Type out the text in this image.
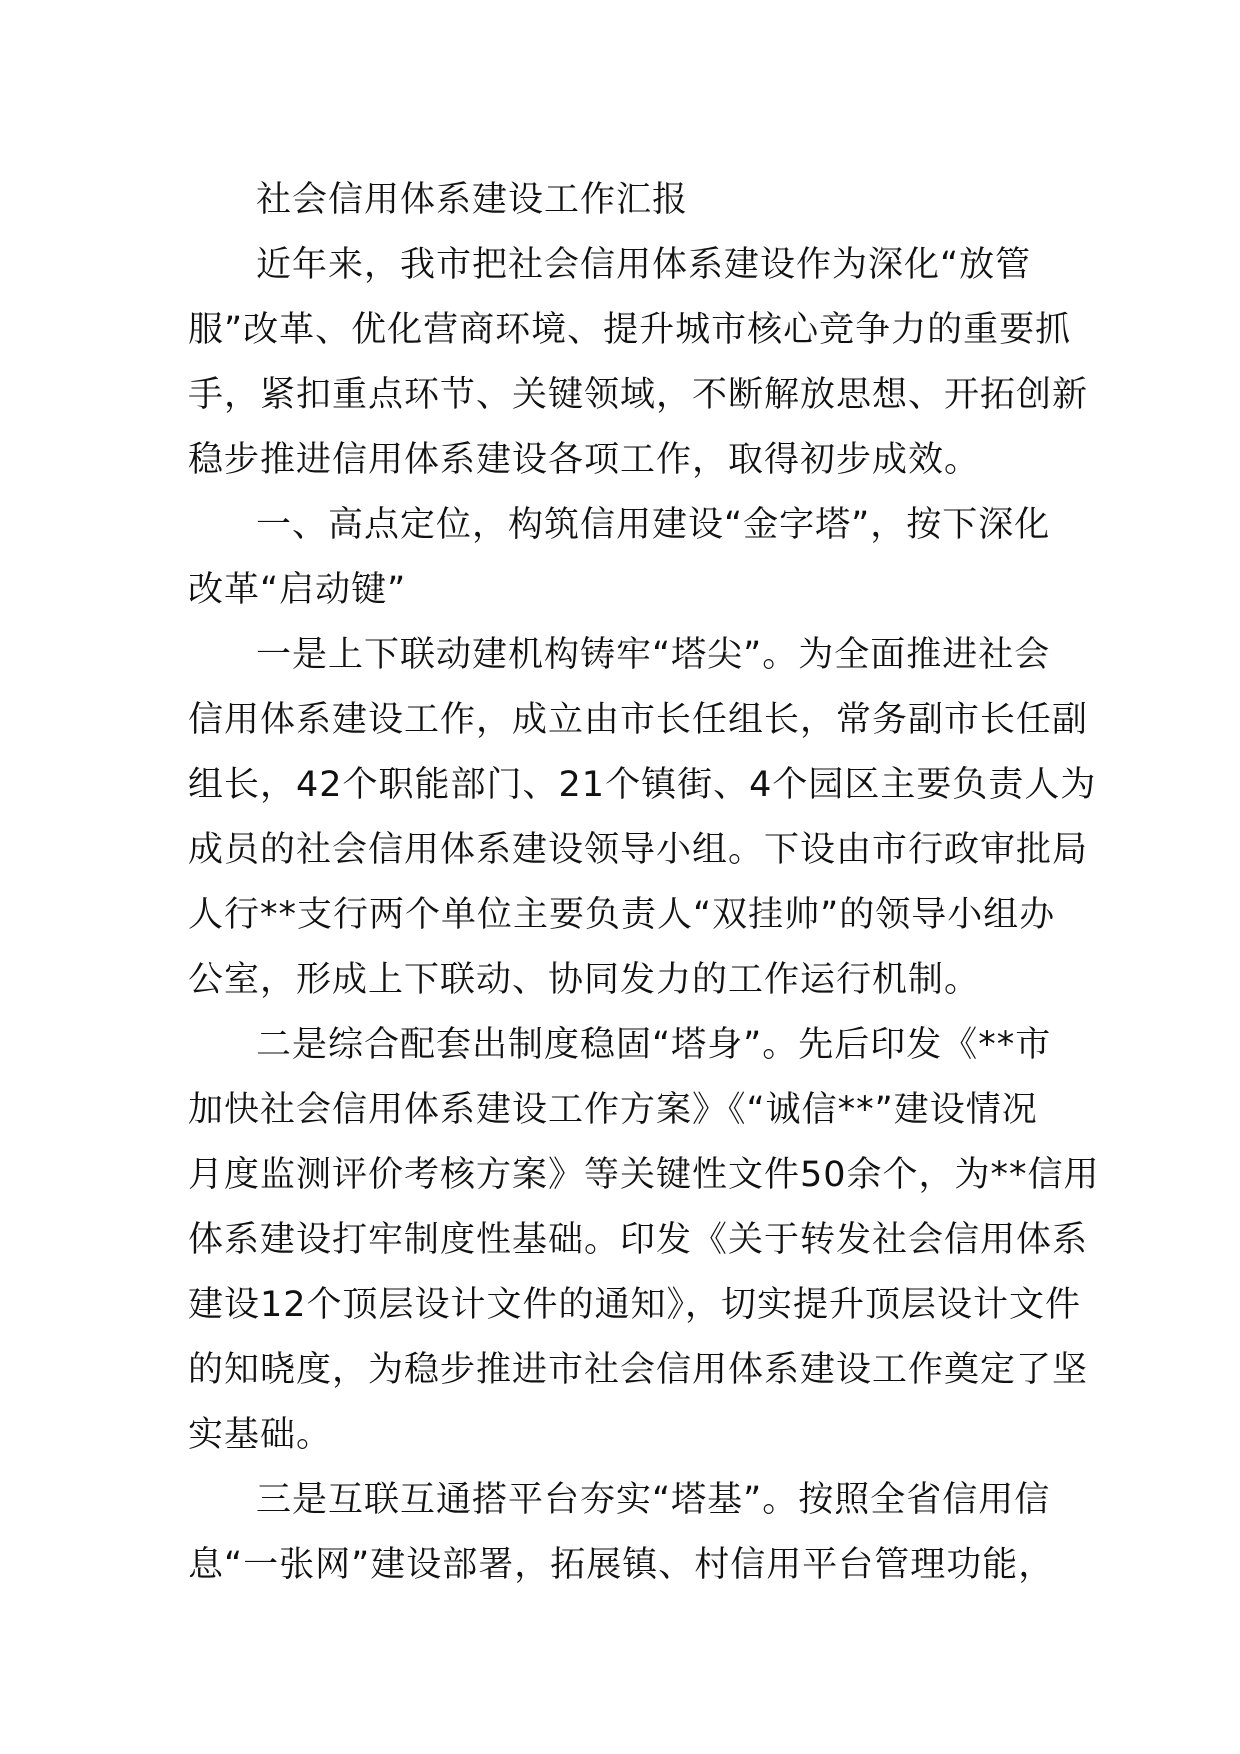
社会信用体系建设工作汇报
近年来，我市把社会信用体系建设作为深化“放管
服”改革、优化营商环境、提升城市核心竞争力的重要抓
手，紧扣重点环节、关键领域，不断解放思想、开拓创新
稳步推进信用体系建设各项工作，取得初步成效。
一、高点定位，构筑信用建设“金字塔”，按下深化
改革“启动键”
一是上下联动建机构铸牢“塔尖”。为全面推进社会
信用体系建设工作，成立由市长任组长，常务副市长任副
组长，42个职能部门、21个镇街、4个园区主要负责人为
成员的社会信用体系建设领导小组。下设由市行政审批局
人行**支行两个单位主要负责人“双挂帅”的领导小组办
公室，形成上下联动、协同发力的工作运行机制。
二是综合配套出制度稳固“塔身”。先后印发《**市
加快社会信用体系建设工作方案》《“诚信**”建设情况
月度监测评价考核方案》等关键性文件50余个，为**信用
体系建设打牢制度性基础。印发《关于转发社会信用体系
建设12个顶层设计文件的通知》，切实提升顶层设计文件
的知晓度，为稳步推进市社会信用体系建设工作奠定了坚
实基础。
三是互联互通搭平台夯实“塔基”。按照全省信用信
息“一张网”建设部署，拓展镇、村信用平台管理功能，
